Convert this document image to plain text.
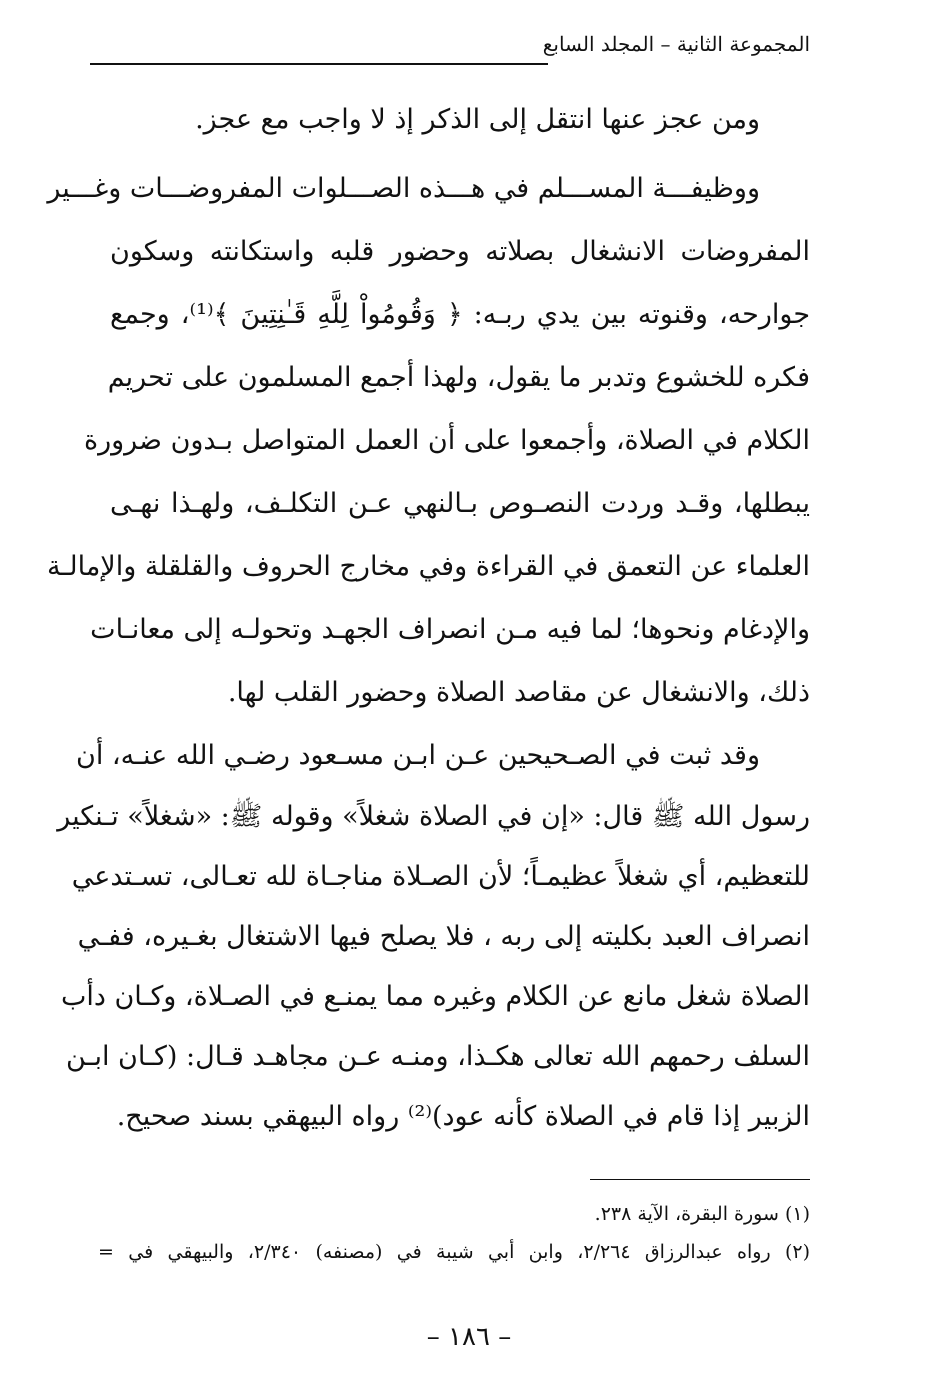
المجموعة الثانية – المجلد السابع
ومن عجز عنها انتقل إلى الذكر إذ لا واجب مع عجز.
ووظيفـــة المســـلم في هـــذه الصـــلوات المفروضـــات وغـــير
المفروضات الانشغال بصلاته وحضور قلبه واستكانته وسكون
جوارحه، وقنوته بين يدي ربـه: ﴿ وَقُومُواْ لِلَّهِ قَـٰنِتِينَ ﴾⁽¹⁾، وجمع
فكره للخشوع وتدبر ما يقول، ولهذا أجمع المسلمون على تحريم
الكلام في الصلاة، وأجمعوا على أن العمل المتواصل بـدون ضرورة
يبطلها، وقـد وردت النصـوص بـالنهي عـن التكلـف، ولهـذا نهـى
العلماء عن التعمق في القراءة وفي مخارج الحروف والقلقلة والإمالـة
والإدغام ونحوها؛ لما فيه مـن انصراف الجهـد وتحولـه إلى معانـات
ذلك، والانشغال عن مقاصد الصلاة وحضور القلب لها.
وقد ثبت في الصـحيحين عـن ابـن مسـعود رضـي الله عنـه، أن
رسول الله ﷺ قال: «إن في الصلاة شغلاً» وقوله ﷺ: «شغلاً» تـنكير
للتعظيم، أي شغلاً عظيمـاً؛ لأن الصـلاة مناجـاة لله تعـالى، تسـتدعي
انصراف العبد بكليته إلى ربه ، فلا يصلح فيها الاشتغال بغـيره، ففـي
الصلاة شغل مانع عن الكلام وغيره مما يمنـع في الصـلاة، وكـان دأب
السلف رحمهم الله تعالى هكـذا، ومنـه عـن مجاهـد قـال: (كـان ابـن
الزبير إذا قام في الصلاة كأنه عود)⁽²⁾ رواه البيهقي بسند صحيح.
(١) سورة البقرة، الآية ٢٣٨.
(٢) رواه عبدالرزاق ٢/٢٦٤، وابن أبي شيبة في (مصنفه) ٢/٣٤٠، والبيهقي في =
– ١٨٦ –
